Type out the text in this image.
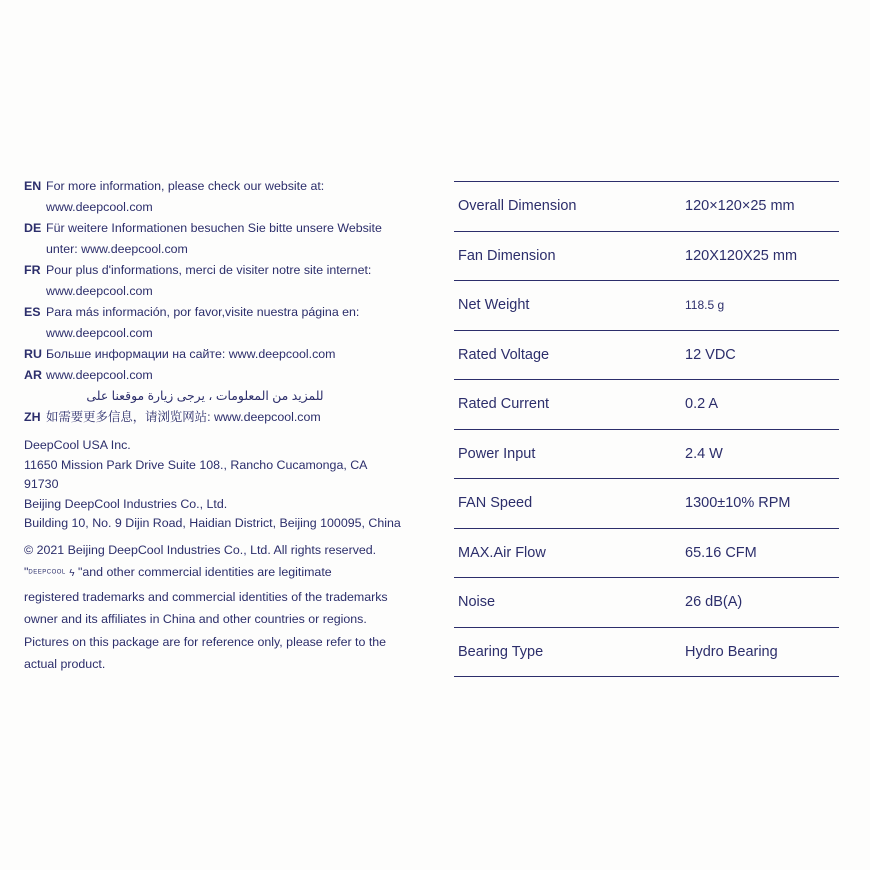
EN For more information, please check our website at:
www.deepcool.com
DE Für weitere Informationen besuchen Sie bitte unsere Website
unter: www.deepcool.com
FR Pour plus d'informations, merci de visiter notre site internet:
www.deepcool.com
ES Para más información, por favor,visite nuestra página en:
www.deepcool.com
RU Больше информации на сайте: www.deepcool.com
AR www.deepcool.com
للمزيد من المعلومات ، يرجى زيارة موقعنا على
ZH 如需要更多信息，请浏览网站: www.deepcool.com
DeepCool USA Inc.
11650 Mission Park Drive Suite 108., Rancho Cucamonga, CA
91730
Beijing DeepCool Industries Co., Ltd.
Building 10, No. 9 Dijin Road, Haidian District, Beijing 100095, China
© 2021 Beijing DeepCool Industries Co., Ltd. All rights reserved.
"DEEPCOOL ϟ "and other commercial identities are legitimate
registered trademarks and commercial identities of the trademarks
owner and its affiliates in China and other countries or regions.
Pictures on this package are for reference only, please refer to the
actual product.
Overall Dimension	120×120×25 mm
Fan Dimension	120X120X25 mm
Net Weight	118.5 g
Rated Voltage	12 VDC
Rated Current	0.2 A
Power Input	2.4 W
FAN Speed	1300±10% RPM
MAX.Air Flow	65.16 CFM
Noise	26 dB(A)
Bearing Type	Hydro Bearing
